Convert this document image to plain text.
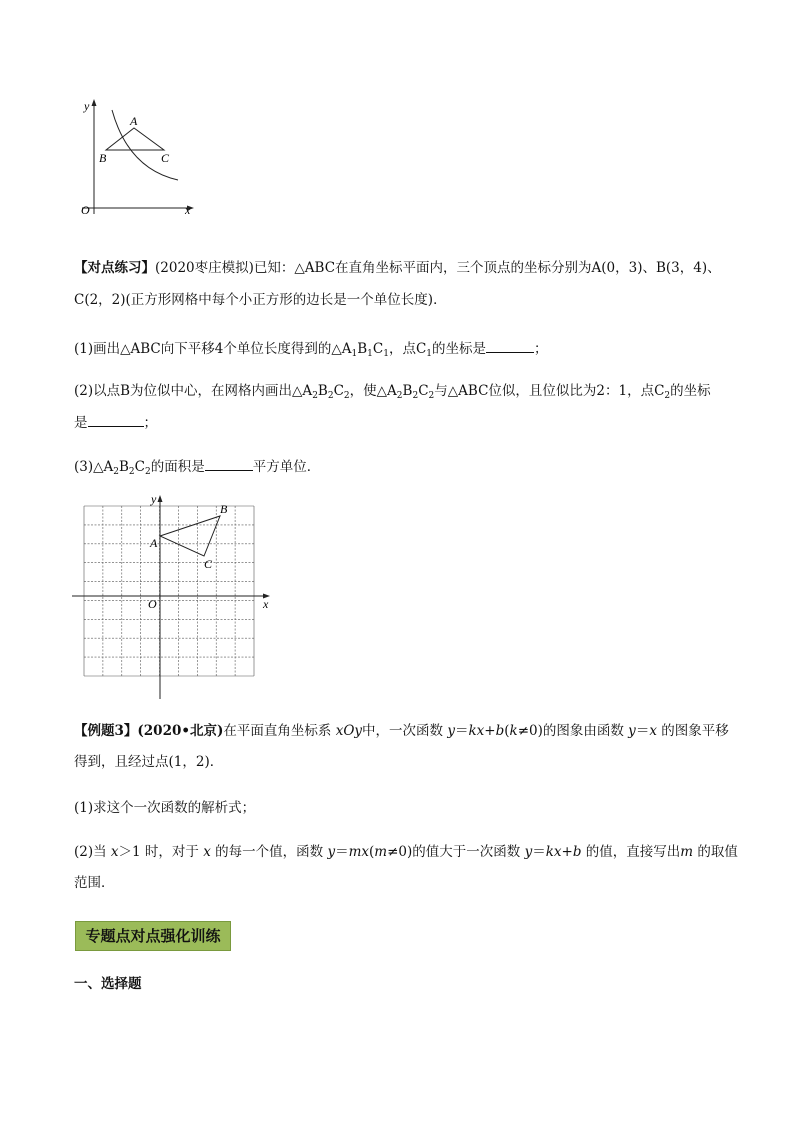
y
A
B	C
O	x
【对点练习】(2020枣庄模拟)已知：△ABC在直角坐标平面内，三个顶点的坐标分别为A(0，3)、B(3，4)、
C(2，2)(正方形网格中每个小正方形的边长是一个单位长度)．
(1)画出△ABC向下平移4个单位长度得到的$\triangle A_1B_1C_1$，点$C_1$的坐标是	；
(2)以点B为位似中心，在网格内画出$\triangle A_2B_2C_2$，使$\triangle A_2B_2C_2$与△ABC位似，且位似比为2：1，点$C_2$的坐标
是	；
$(3)\triangle A_2B_2C_2$的面积是	平方单位．
y
A
B
C
O	x
【例题3】(2020•北京)在平面直角坐标系 xOy中，一次函数 y＝kx+b(k≠0)的图象由函数 y＝x 的图象平移
得到，且经过点(1，2)．
(1)求这个一次函数的解析式；
(2)当 x＞1 时，对于 x 的每一个值，函数 y＝mx(m≠0)的值大于一次函数 y＝kx+b 的值，直接写出m 的取值
范围．
专题点对点强化训练
一、选择题
